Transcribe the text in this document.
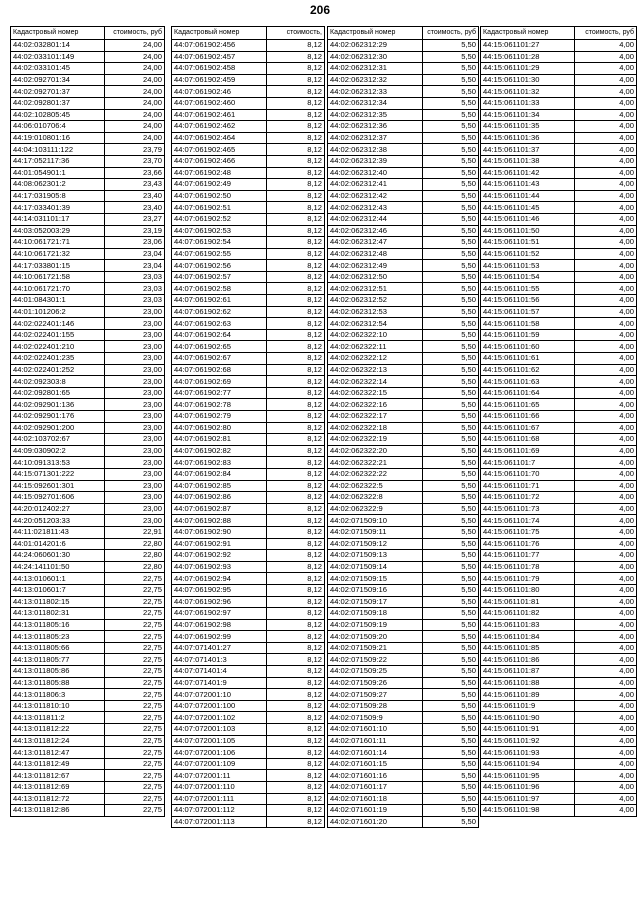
206
Кадастровый номер	стоимость, руб
44:02:032801:14	24,00
44:02:033101:149	24,00
44:02:033101:45	24,00
44:02:092701:34	24,00
44:02:092701:37	24,00
44:02:092801:37	24,00
44:02:102805:45	24,00
44:06:010706:4	24,00
44:19:010801:16	24,00
44:04:103111:122	23,79
44:17:052117:36	23,70
44:01:054901:1	23,66
44:08:062301:2	23,43
44:17:031905:8	23,40
44:17:033401:39	23,40
44:14:031101:17	23,27
44:03:052003:29	23,19
44:10:061721:71	23,06
44:10:061721:32	23,04
44:17:033801:15	23,04
44:10:061721:58	23,03
44:10:061721:70	23,03
44:01:084301:1	23,03
44:01:101206:2	23,00
44:02:022401:146	23,00
44:02:022401:155	23,00
44:02:022401:210	23,00
44:02:022401:235	23,00
44:02:022401:252	23,00
44:02:092303:8	23,00
44:02:092801:65	23,00
44:02:092901:136	23,00
44:02:092901:176	23,00
44:02:092901:200	23,00
44:02:103702:67	23,00
44:09:030902:2	23,00
44:10:091313:53	23,00
44:15:071301:222	23,00
44:15:092601:301	23,00
44:15:092701:606	23,00
44:20:012402:27	23,00
44:20:051203:33	23,00
44:11:021811:43	22,91
44:01:014201:6	22,80
44:24:060601:30	22,80
44:24:141101:50	22,80
44:13:010601:1	22,75
44:13:010601:7	22,75
44:13:011802:15	22,75
44:13:011802:31	22,75
44:13:011805:16	22,75
44:13:011805:23	22,75
44:13:011805:66	22,75
44:13:011805:77	22,75
44:13:011805:86	22,75
44:13:011805:88	22,75
44:13:011806:3	22,75
44:13:011810:10	22,75
44:13:011811:2	22,75
44:13:011812:22	22,75
44:13:011812:24	22,75
44:13:011812:47	22,75
44:13:011812:49	22,75
44:13:011812:67	22,75
44:13:011812:69	22,75
44:13:011812:72	22,75
44:13:011812:86	22,75
Кадастровый номер	стоимость,
44:07:061902:456	8,12
44:07:061902:457	8,12
44:07:061902:458	8,12
44:07:061902:459	8,12
44:07:061902:46	8,12
44:07:061902:460	8,12
44:07:061902:461	8,12
44:07:061902:462	8,12
44:07:061902:464	8,12
44:07:061902:465	8,12
44:07:061902:466	8,12
44:07:061902:48	8,12
44:07:061902:49	8,12
44:07:061902:50	8,12
44:07:061902:51	8,12
44:07:061902:52	8,12
44:07:061902:53	8,12
44:07:061902:54	8,12
44:07:061902:55	8,12
44:07:061902:56	8,12
44:07:061902:57	8,12
44:07:061902:58	8,12
44:07:061902:61	8,12
44:07:061902:62	8,12
44:07:061902:63	8,12
44:07:061902:64	8,12
44:07:061902:65	8,12
44:07:061902:67	8,12
44:07:061902:68	8,12
44:07:061902:69	8,12
44:07:061902:77	8,12
44:07:061902:78	8,12
44:07:061902:79	8,12
44:07:061902:80	8,12
44:07:061902:81	8,12
44:07:061902:82	8,12
44:07:061902:83	8,12
44:07:061902:84	8,12
44:07:061902:85	8,12
44:07:061902:86	8,12
44:07:061902:87	8,12
44:07:061902:88	8,12
44:07:061902:90	8,12
44:07:061902:91	8,12
44:07:061902:92	8,12
44:07:061902:93	8,12
44:07:061902:94	8,12
44:07:061902:95	8,12
44:07:061902:96	8,12
44:07:061902:97	8,12
44:07:061902:98	8,12
44:07:061902:99	8,12
44:07:071401:27	8,12
44:07:071401:3	8,12
44:07:071401:4	8,12
44:07:071401:9	8,12
44:07:072001:10	8,12
44:07:072001:100	8,12
44:07:072001:102	8,12
44:07:072001:103	8,12
44:07:072001:105	8,12
44:07:072001:106	8,12
44:07:072001:109	8,12
44:07:072001:11	8,12
44:07:072001:110	8,12
44:07:072001:111	8,12
44:07:072001:112	8,12
44:07:072001:113	8,12
Кадастровый номер	стоимость, руб
44:02:062312:29	5,50
44:02:062312:30	5,50
44:02:062312:31	5,50
44:02:062312:32	5,50
44:02:062312:33	5,50
44:02:062312:34	5,50
44:02:062312:35	5,50
44:02:062312:36	5,50
44:02:062312:37	5,50
44:02:062312:38	5,50
44:02:062312:39	5,50
44:02:062312:40	5,50
44:02:062312:41	5,50
44:02:062312:42	5,50
44:02:062312:43	5,50
44:02:062312:44	5,50
44:02:062312:46	5,50
44:02:062312:47	5,50
44:02:062312:48	5,50
44:02:062312:49	5,50
44:02:062312:50	5,50
44:02:062312:51	5,50
44:02:062312:52	5,50
44:02:062312:53	5,50
44:02:062312:54	5,50
44:02:062322:10	5,50
44:02:062322:11	5,50
44:02:062322:12	5,50
44:02:062322:13	5,50
44:02:062322:14	5,50
44:02:062322:15	5,50
44:02:062322:16	5,50
44:02:062322:17	5,50
44:02:062322:18	5,50
44:02:062322:19	5,50
44:02:062322:20	5,50
44:02:062322:21	5,50
44:02:062322:22	5,50
44:02:062322:5	5,50
44:02:062322:8	5,50
44:02:062322:9	5,50
44:02:071509:10	5,50
44:02:071509:11	5,50
44:02:071509:12	5,50
44:02:071509:13	5,50
44:02:071509:14	5,50
44:02:071509:15	5,50
44:02:071509:16	5,50
44:02:071509:17	5,50
44:02:071509:18	5,50
44:02:071509:19	5,50
44:02:071509:20	5,50
44:02:071509:21	5,50
44:02:071509:22	5,50
44:02:071509:25	5,50
44:02:071509:26	5,50
44:02:071509:27	5,50
44:02:071509:28	5,50
44:02:071509:9	5,50
44:02:071601:10	5,50
44:02:071601:11	5,50
44:02:071601:14	5,50
44:02:071601:15	5,50
44:02:071601:16	5,50
44:02:071601:17	5,50
44:02:071601:18	5,50
44:02:071601:19	5,50
44:02:071601:20	5,50
Кадастровый номер	стоимость, руб
44:15:061101:27	4,00
44:15:061101:28	4,00
44:15:061101:29	4,00
44:15:061101:30	4,00
44:15:061101:32	4,00
44:15:061101:33	4,00
44:15:061101:34	4,00
44:15:061101:35	4,00
44:15:061101:36	4,00
44:15:061101:37	4,00
44:15:061101:38	4,00
44:15:061101:42	4,00
44:15:061101:43	4,00
44:15:061101:44	4,00
44:15:061101:45	4,00
44:15:061101:46	4,00
44:15:061101:50	4,00
44:15:061101:51	4,00
44:15:061101:52	4,00
44:15:061101:53	4,00
44:15:061101:54	4,00
44:15:061101:55	4,00
44:15:061101:56	4,00
44:15:061101:57	4,00
44:15:061101:58	4,00
44:15:061101:59	4,00
44:15:061101:60	4,00
44:15:061101:61	4,00
44:15:061101:62	4,00
44:15:061101:63	4,00
44:15:061101:64	4,00
44:15:061101:65	4,00
44:15:061101:66	4,00
44:15:061101:67	4,00
44:15:061101:68	4,00
44:15:061101:69	4,00
44:15:061101:7	4,00
44:15:061101:70	4,00
44:15:061101:71	4,00
44:15:061101:72	4,00
44:15:061101:73	4,00
44:15:061101:74	4,00
44:15:061101:75	4,00
44:15:061101:76	4,00
44:15:061101:77	4,00
44:15:061101:78	4,00
44:15:061101:79	4,00
44:15:061101:80	4,00
44:15:061101:81	4,00
44:15:061101:82	4,00
44:15:061101:83	4,00
44:15:061101:84	4,00
44:15:061101:85	4,00
44:15:061101:86	4,00
44:15:061101:87	4,00
44:15:061101:88	4,00
44:15:061101:89	4,00
44:15:061101:9	4,00
44:15:061101:90	4,00
44:15:061101:91	4,00
44:15:061101:92	4,00
44:15:061101:93	4,00
44:15:061101:94	4,00
44:15:061101:95	4,00
44:15:061101:96	4,00
44:15:061101:97	4,00
44:15:061101:98	4,00
